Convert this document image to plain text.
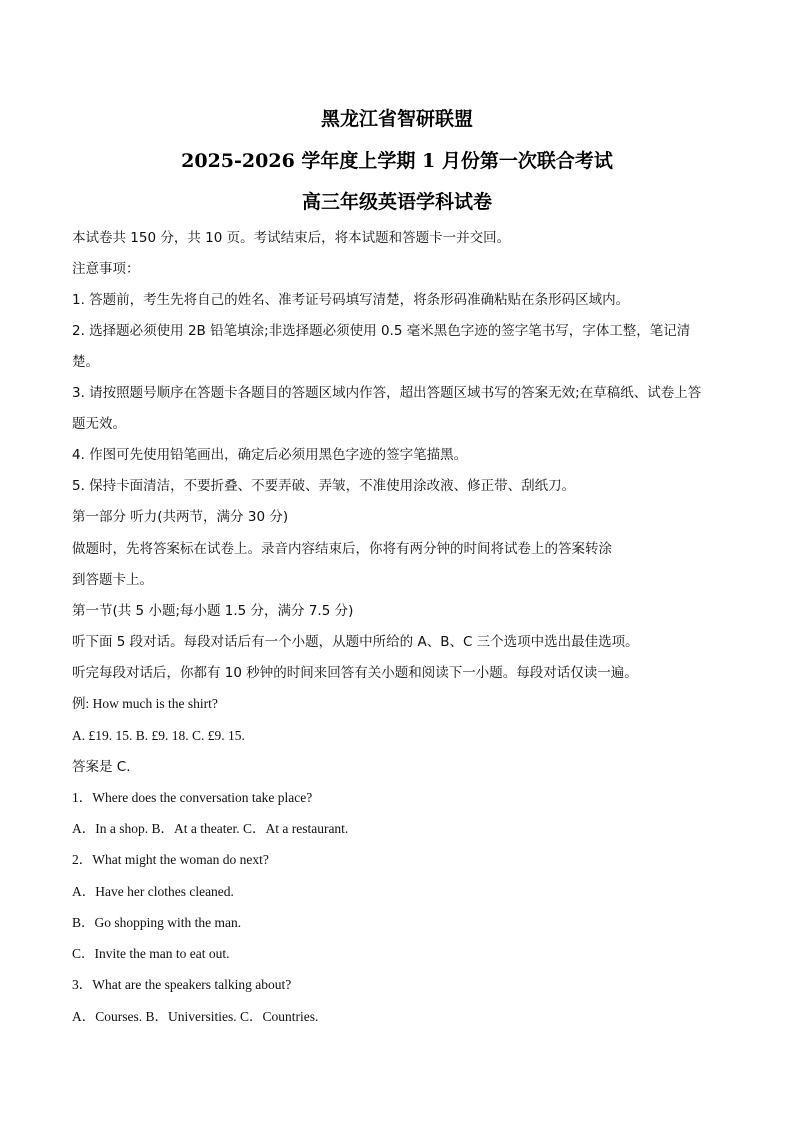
黑龙江省智研联盟
2025-2026 学年度上学期 1 月份第一次联合考试
高三年级英语学科试卷
本试卷共 150 分，共 10 页。考试结束后，将本试题和答题卡一并交回。
注意事项：
1. 答题前，考生先将自己的姓名、准考证号码填写清楚，将条形码准确粘贴在条形码区域内。
2. 选择题必须使用 2B 铅笔填涂;非选择题必须使用 0.5 毫米黑色字迹的签字笔书写，字体工整，笔记清
楚。
3. 请按照题号顺序在答题卡各题目的答题区域内作答，超出答题区域书写的答案无效;在草稿纸、试卷上答
题无效。
4. 作图可先使用铅笔画出，确定后必须用黑色字迹的签字笔描黑。
5. 保持卡面清洁，不要折叠、不要弄破、弄皱，不准使用涂改液、修正带、刮纸刀。
第一部分 听力(共两节，满分 30 分)
做题时，先将答案标在试卷上。录音内容结束后，你将有两分钟的时间将试卷上的答案转涂
到答题卡上。
第一节(共 5 小题;每小题 1.5 分，满分 7.5 分)
听下面 5 段对话。每段对话后有一个小题，从题中所给的 A、B、C 三个选项中选出最佳选项。
听完每段对话后，你都有 10 秒钟的时间来回答有关小题和阅读下一小题。每段对话仅读一遍。
例: How much is the shirt?
A. £19. 15. B. £9. 18. C. £9. 15.
答案是 C.
1．Where does the conversation take place?
A．In a shop. B．At a theater. C．At a restaurant.
2．What might the woman do next?
A．Have her clothes cleaned.
B．Go shopping with the man.
C．Invite the man to eat out.
3．What are the speakers talking about?
A．Courses. B．Universities. C．Countries.
